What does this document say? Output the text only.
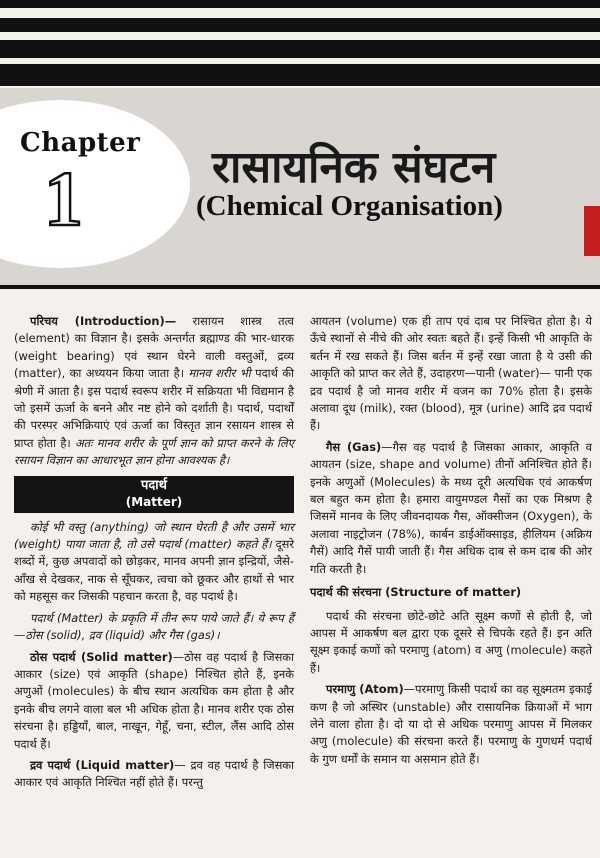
Chapter
1	रासायनिक संघटन
(Chemical Organisation)

परिचय (Introduction)— रासायन शास्त्र तत्व (element) का विज्ञान है। इसके अन्तर्गत ब्रह्माण्ड की भार-धारक (weight bearing) एवं स्थान घेरने वाली वस्तुओं, द्रव्य (matter), का अध्ययन किया जाता है। मानव शरीर भी पदार्थ की श्रेणी में आता है। इस पदार्थ स्वरूप शरीर में सक्रियता भी विद्यमान है जो इसमें ऊर्जा के बनने और नष्ट होने को दर्शाती है। पदार्थ, पदार्थों की परस्पर अभिक्रियाएं एवं ऊर्जा का विस्तृत ज्ञान रसायन शास्त्र से प्राप्त होता है। अतः मानव शरीर के पूर्ण ज्ञान को प्राप्त करने के लिए रसायन विज्ञान का आधारभूत ज्ञान होना आवश्यक है।

पदार्थ
(Matter)

कोई भी वस्तु (anything) जो स्थान घेरती है और उसमें भार (weight) पाया जाता है, तो उसे पदार्थ (matter) कहते हैं। दूसरे शब्दों में, कुछ अपवादों को छोड़कर, मानव अपनी ज्ञान इन्द्रियों, जैसे-आँख से देखकर, नाक से सूँघकर, त्वचा को छूकर और हाथों से भार को महसूस कर जिसकी पहचान करता है, वह पदार्थ है।

पदार्थ (Matter) के प्रकृति में तीन रूप पाये जाते हैं। ये रूप हैं—ठोस (solid), द्रव (liquid) और गैस (gas)।

ठोस पदार्थ (Solid matter)—ठोस वह पदार्थ है जिसका आकार (size) एवं आकृति (shape) निश्चित होते हैं, इनके अणुओं (molecules) के बीच स्थान अत्यधिक कम होता है और इनके बीच लगने वाला बल भी अधिक होता है। मानव शरीर एक ठोस संरचना है। हड्डियाँ, बाल, नाखून, गेहूँ, चना, स्टील, लैंस आदि ठोस पदार्थ हैं।

द्रव पदार्थ (Liquid matter)— द्रव वह पदार्थ है जिसका आकार एवं आकृति निश्चित नहीं होते हैं। परन्तु

आयतन (volume) एक ही ताप एवं दाब पर निश्चित होता है। ये ऊँचे स्थानों से नीचे की ओर स्वतः बहते हैं। इन्हें किसी भी आकृति के बर्तन में रख सकते हैं। जिस बर्तन में इन्हें रखा जाता है ये उसी की आकृति को प्राप्त कर लेते हैं, उदाहरण—पानी (water)— पानी एक द्रव पदार्थ है जो मानव शरीर में वजन का 70% होता है। इसके अलावा दूध (milk), रक्त (blood), मूत्र (urine) आदि द्रव पदार्थ हैं।

गैस (Gas)—गैस वह पदार्थ है जिसका आकार, आकृति व आयतन (size, shape and volume) तीनों अनिश्चित होते हैं। इनके अणुओं (Molecules) के मध्य दूरी अत्यधिक एवं आकर्षण बल बहुत कम होता है। हमारा वायुमण्डल गैसों का एक मिश्रण है जिसमें मानव के लिए जीवनदायक गैस, ऑक्सीजन (Oxygen), के अलावा नाइट्रोजन (78%), कार्बन डाईऑक्साइड, हीलियम (अक्रिय गैसें) आदि गैसें पायी जाती हैं। गैस अधिक दाब से कम दाब की ओर गति करती है।

पदार्थ की संरचना (Structure of matter)

पदार्थ की संरचना छोटे-छोटे अति सूक्ष्म कणों से होती है, जो आपस में आकर्षण बल द्वारा एक दूसरे से चिपके रहते हैं। इन अति सूक्ष्म इकाई कणों को परमाणु (atom) व अणु (molecule) कहते हैं।

परमाणु (Atom)—परमाणु किसी पदार्थ का वह सूक्ष्मतम इकाई कण है जो अस्थिर (unstable) और रासायनिक क्रियाओं में भाग लेने वाला होता है। दो या दो से अधिक परमाणु आपस में मिलकर अणु (molecule) की संरचना करते हैं। परमाणु के गुणधर्म पदार्थ के गुण धर्मों के समान या असमान होते हैं।
